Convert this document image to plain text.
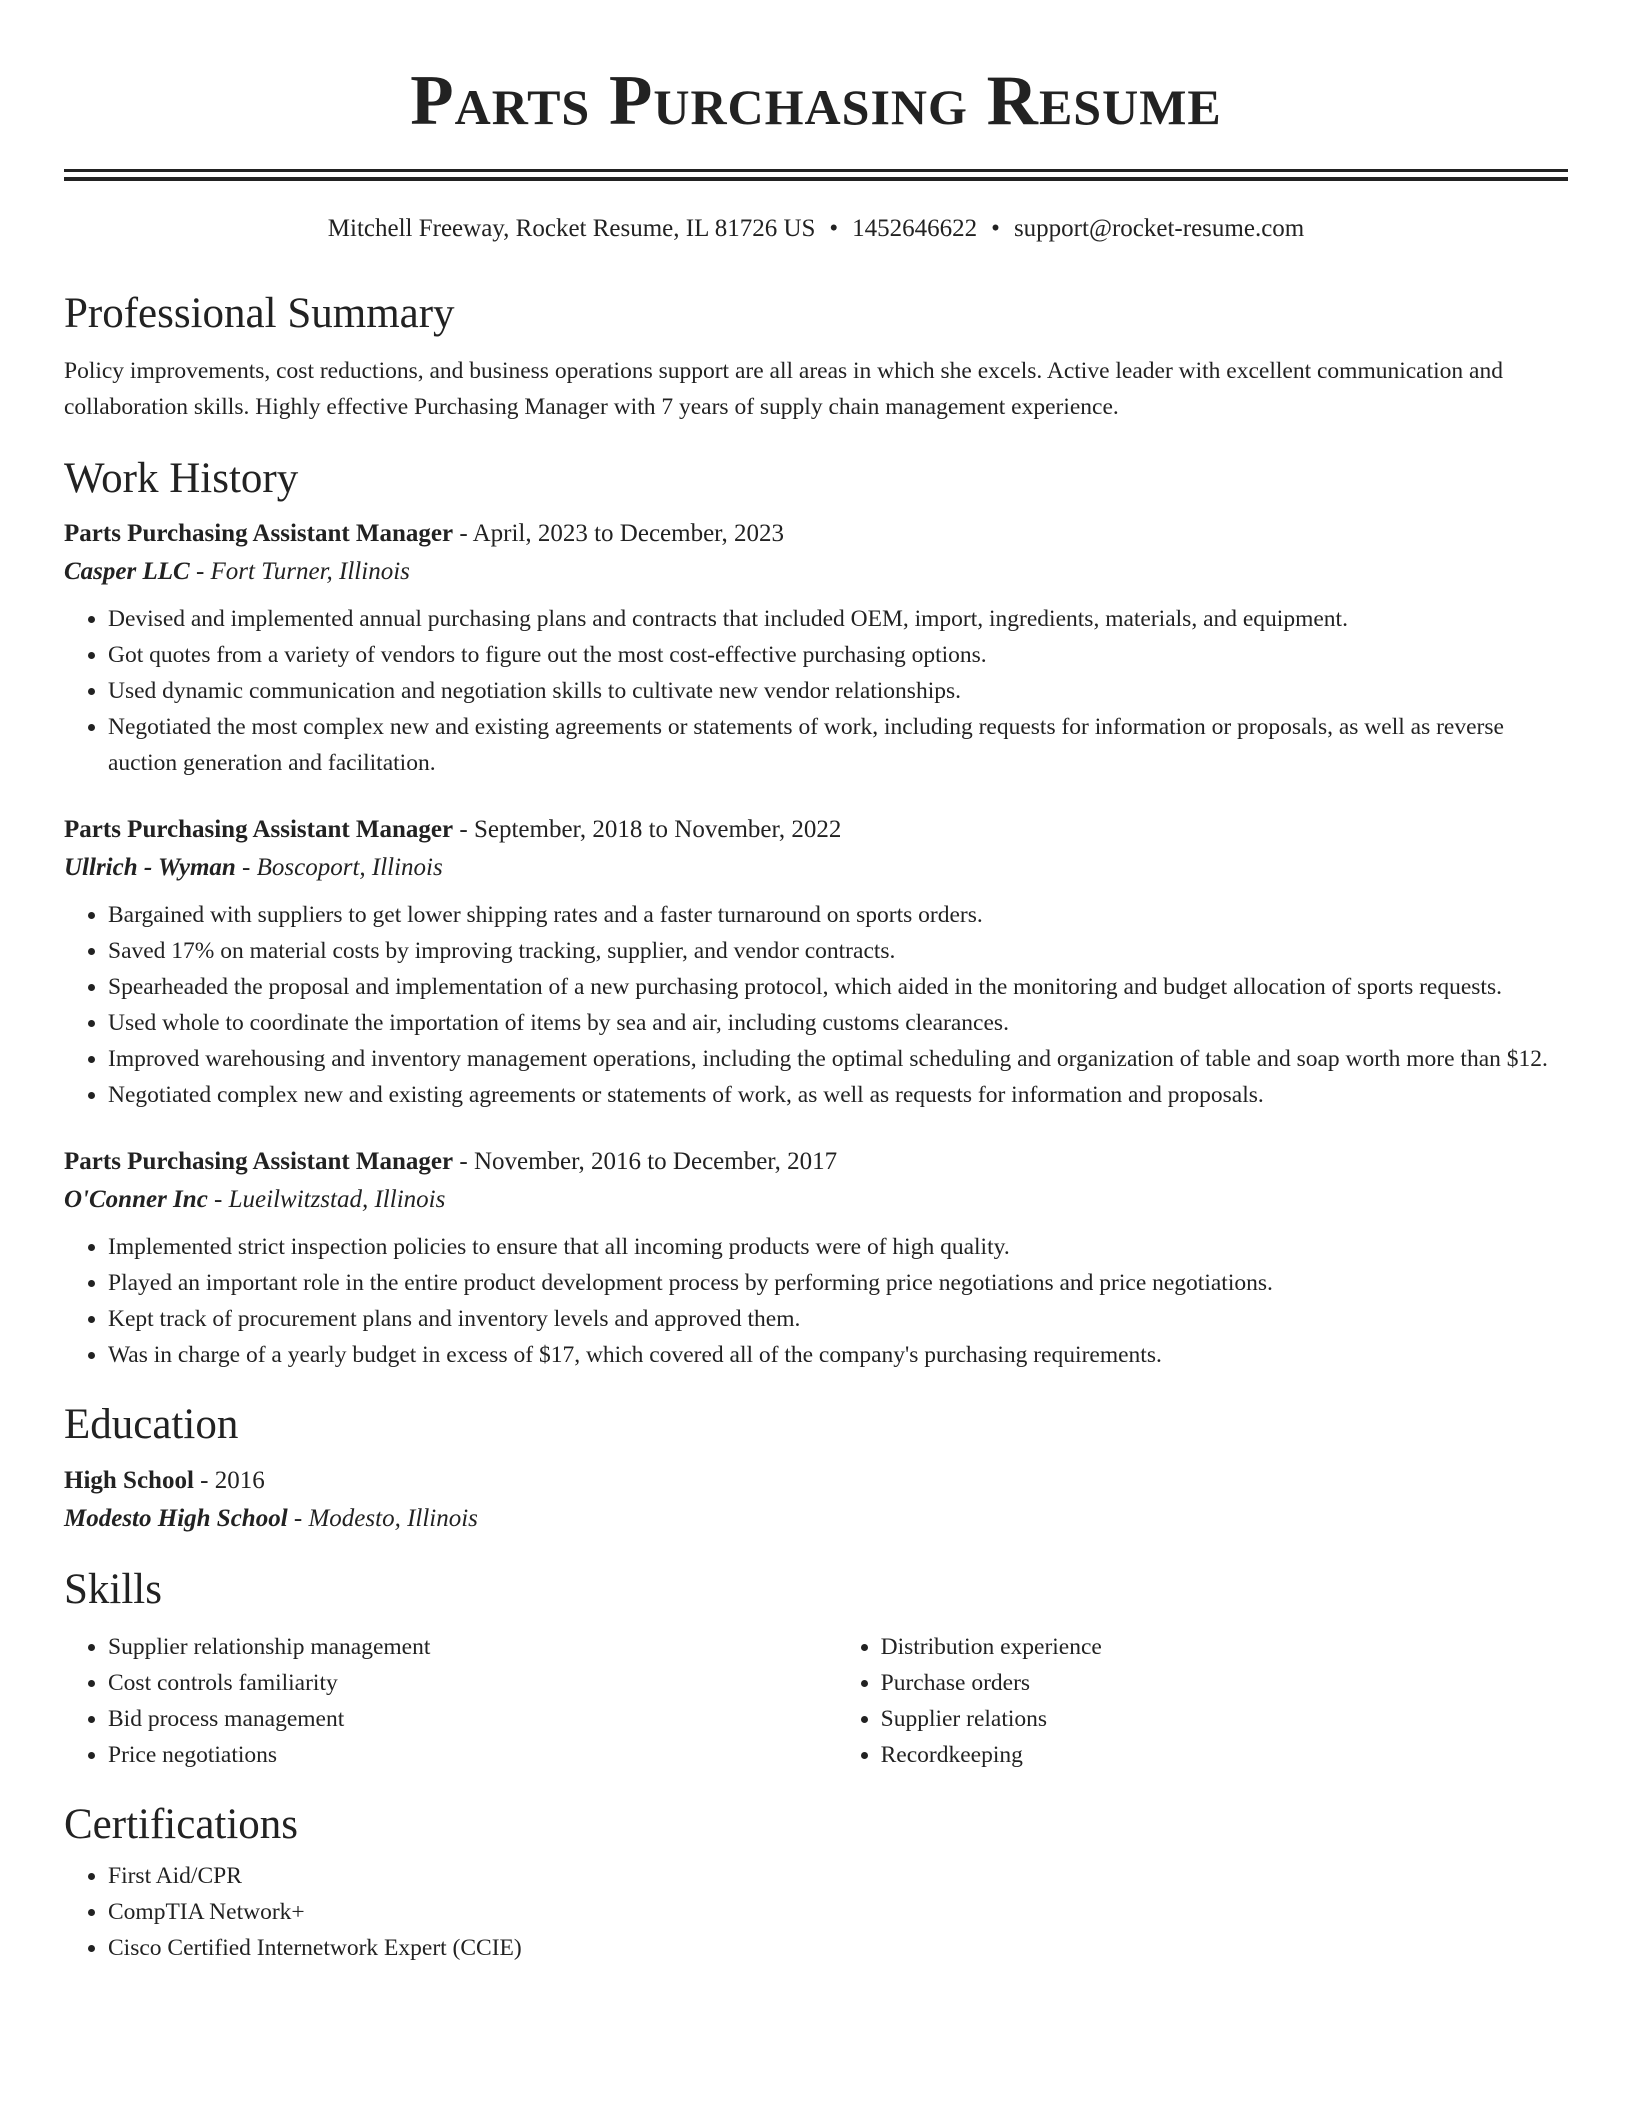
Parts Purchasing Resume
Mitchell Freeway, Rocket Resume, IL 81726 US • 1452646622 • support@rocket-resume.com
Professional Summary
Policy improvements, cost reductions, and business operations support are all areas in which she excels. Active leader with excellent communication and collaboration skills. Highly effective Purchasing Manager with 7 years of supply chain management experience.
Work History
Parts Purchasing Assistant Manager - April, 2023 to December, 2023
Casper LLC - Fort Turner, Illinois
• Devised and implemented annual purchasing plans and contracts that included OEM, import, ingredients, materials, and equipment.
• Got quotes from a variety of vendors to figure out the most cost-effective purchasing options.
• Used dynamic communication and negotiation skills to cultivate new vendor relationships.
• Negotiated the most complex new and existing agreements or statements of work, including requests for information or proposals, as well as reverse auction generation and facilitation.
Parts Purchasing Assistant Manager - September, 2018 to November, 2022
Ullrich - Wyman - Boscoport, Illinois
• Bargained with suppliers to get lower shipping rates and a faster turnaround on sports orders.
• Saved 17% on material costs by improving tracking, supplier, and vendor contracts.
• Spearheaded the proposal and implementation of a new purchasing protocol, which aided in the monitoring and budget allocation of sports requests.
• Used whole to coordinate the importation of items by sea and air, including customs clearances.
• Improved warehousing and inventory management operations, including the optimal scheduling and organization of table and soap worth more than $12.
• Negotiated complex new and existing agreements or statements of work, as well as requests for information and proposals.
Parts Purchasing Assistant Manager - November, 2016 to December, 2017
O'Conner Inc - Lueilwitzstad, Illinois
• Implemented strict inspection policies to ensure that all incoming products were of high quality.
• Played an important role in the entire product development process by performing price negotiations and price negotiations.
• Kept track of procurement plans and inventory levels and approved them.
• Was in charge of a yearly budget in excess of $17, which covered all of the company's purchasing requirements.
Education
High School - 2016
Modesto High School - Modesto, Illinois
Skills
• Supplier relationship management
• Cost controls familiarity
• Bid process management
• Price negotiations
• Distribution experience
• Purchase orders
• Supplier relations
• Recordkeeping
Certifications
• First Aid/CPR
• CompTIA Network+
• Cisco Certified Internetwork Expert (CCIE)
